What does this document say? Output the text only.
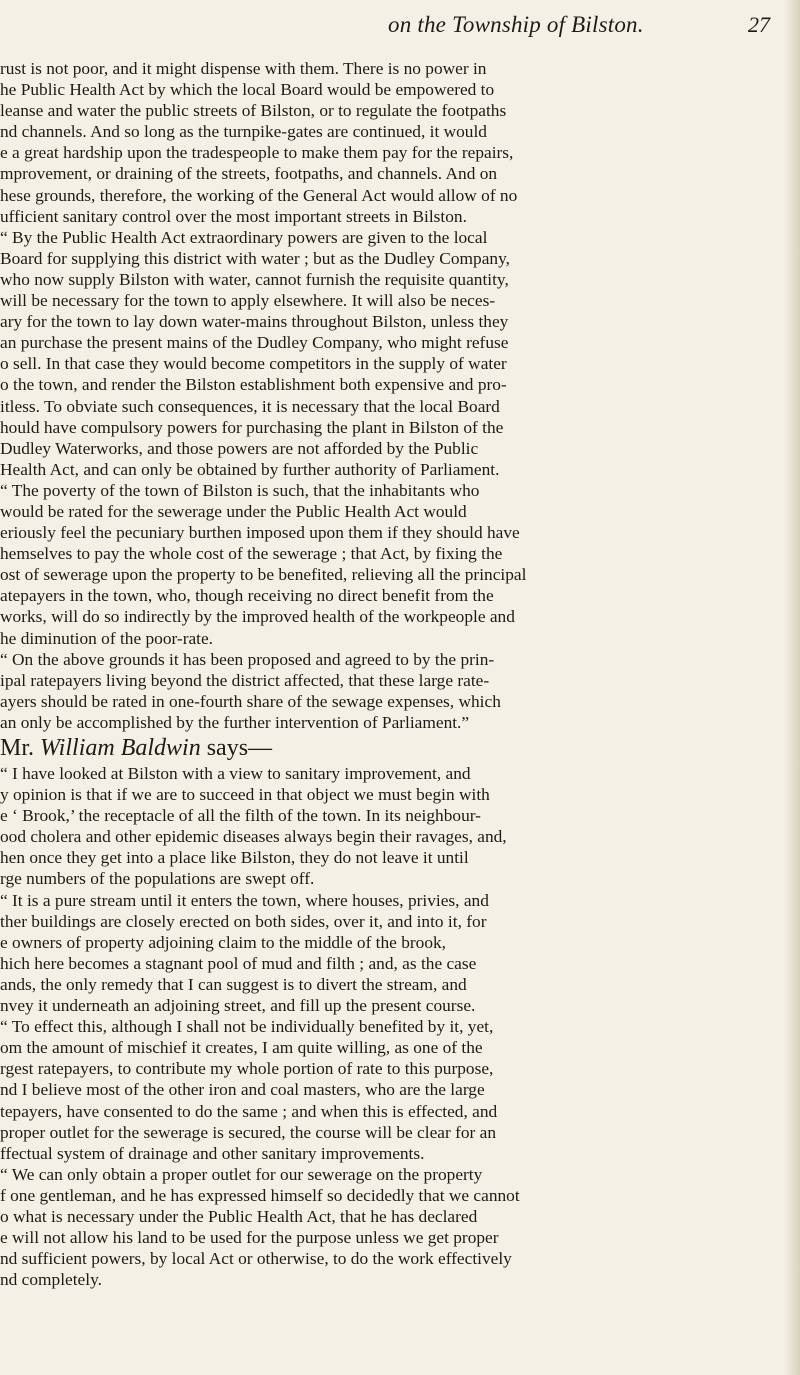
on the Township of Bilston.	27
rust is not poor, and it might dispense with them. There is no power in
he Public Health Act by which the local Board would be empowered to
leanse and water the public streets of Bilston, or to regulate the footpaths
nd channels. And so long as the turnpike-gates are continued, it would
e a great hardship upon the tradespeople to make them pay for the repairs,
mprovement, or draining of the streets, footpaths, and channels. And on
hese grounds, therefore, the working of the General Act would allow of no
ufficient sanitary control over the most important streets in Bilston.
“ By the Public Health Act extraordinary powers are given to the local
Board for supplying this district with water ; but as the Dudley Company,
who now supply Bilston with water, cannot furnish the requisite quantity,
will be necessary for the town to apply elsewhere. It will also be neces-
ary for the town to lay down water-mains throughout Bilston, unless they
an purchase the present mains of the Dudley Company, who might refuse
o sell. In that case they would become competitors in the supply of water
o the town, and render the Bilston establishment both expensive and pro-
itless. To obviate such consequences, it is necessary that the local Board
hould have compulsory powers for purchasing the plant in Bilston of the
Dudley Waterworks, and those powers are not afforded by the Public
Health Act, and can only be obtained by further authority of Parliament.
“ The poverty of the town of Bilston is such, that the inhabitants who
would be rated for the sewerage under the Public Health Act would
eriously feel the pecuniary burthen imposed upon them if they should have
hemselves to pay the whole cost of the sewerage ; that Act, by fixing the
ost of sewerage upon the property to be benefited, relieving all the principal
atepayers in the town, who, though receiving no direct benefit from the
works, will do so indirectly by the improved health of the workpeople and
he diminution of the poor-rate.
“ On the above grounds it has been proposed and agreed to by the prin-
ipal ratepayers living beyond the district affected, that these large rate-
ayers should be rated in one-fourth share of the sewage expenses, which
an only be accomplished by the further intervention of Parliament.”
Mr. William Baldwin says—
“ I have looked at Bilston with a view to sanitary improvement, and
y opinion is that if we are to succeed in that object we must begin with
e ‘ Brook,’ the receptacle of all the filth of the town. In its neighbour-
ood cholera and other epidemic diseases always begin their ravages, and,
hen once they get into a place like Bilston, they do not leave it until
rge numbers of the populations are swept off.
“ It is a pure stream until it enters the town, where houses, privies, and
ther buildings are closely erected on both sides, over it, and into it, for
e owners of property adjoining claim to the middle of the brook,
hich here becomes a stagnant pool of mud and filth ; and, as the case
ands, the only remedy that I can suggest is to divert the stream, and
nvey it underneath an adjoining street, and fill up the present course.
“ To effect this, although I shall not be individually benefited by it, yet,
om the amount of mischief it creates, I am quite willing, as one of the
rgest ratepayers, to contribute my whole portion of rate to this purpose,
nd I believe most of the other iron and coal masters, who are the large
tepayers, have consented to do the same ; and when this is effected, and
proper outlet for the sewerage is secured, the course will be clear for an
ffectual system of drainage and other sanitary improvements.
“ We can only obtain a proper outlet for our sewerage on the property
f one gentleman, and he has expressed himself so decidedly that we cannot
o what is necessary under the Public Health Act, that he has declared
e will not allow his land to be used for the purpose unless we get proper
nd sufficient powers, by local Act or otherwise, to do the work effectively
nd completely.
